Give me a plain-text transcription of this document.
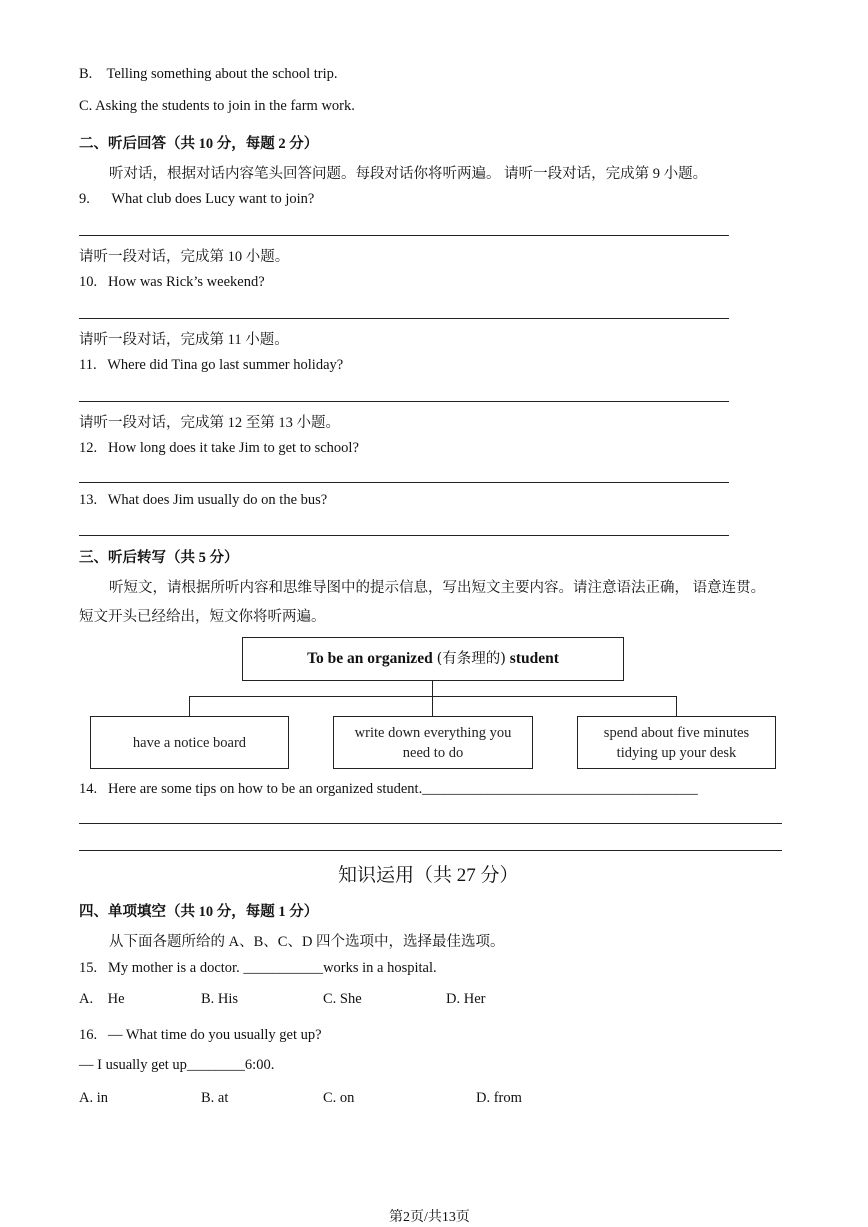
B.    Telling something about the school trip.
C. Asking the students to join in the farm work.
二、听后回答（共 10 分，每题 2 分）
听对话，根据对话内容笔头回答问题。每段对话你将听两遍。 请听一段对话，完成第 9 小题。
9.      What club does Lucy want to join?
请听一段对话，完成第 10 小题。
10.   How was Rick’s weekend?
请听一段对话，完成第 11 小题。
11.   Where did Tina go last summer holiday?
请听一段对话，完成第 12 至第 13 小题。
12.   How long does it take Jim to get to school?
13.   What does Jim usually do on the bus?
三、听后转写（共 5 分）
听短文，请根据所听内容和思维导图中的提示信息，写出短文主要内容。请注意语法正确， 语意连贯。
短文开头已经给出，短文你将听两遍。
To be an organized (有条理的) student
have a notice board
write down everything you
need to do
spend about five minutes
tidying up your desk
14.   Here are some tips on how to be an organized student.______________________________________
知识运用（共 27 分）
四、单项填空（共 10 分，每题 1 分）
从下面各题所给的 A、B、C、D 四个选项中，选择最佳选项。
15.   My mother is a doctor. ___________works in a hospital.
A.    He	B. His	C. She	D. Her
16.   — What time do you usually get up?
— I usually get up________6:00.
A. in	B. at	C. on	D. from
第2页/共13页
